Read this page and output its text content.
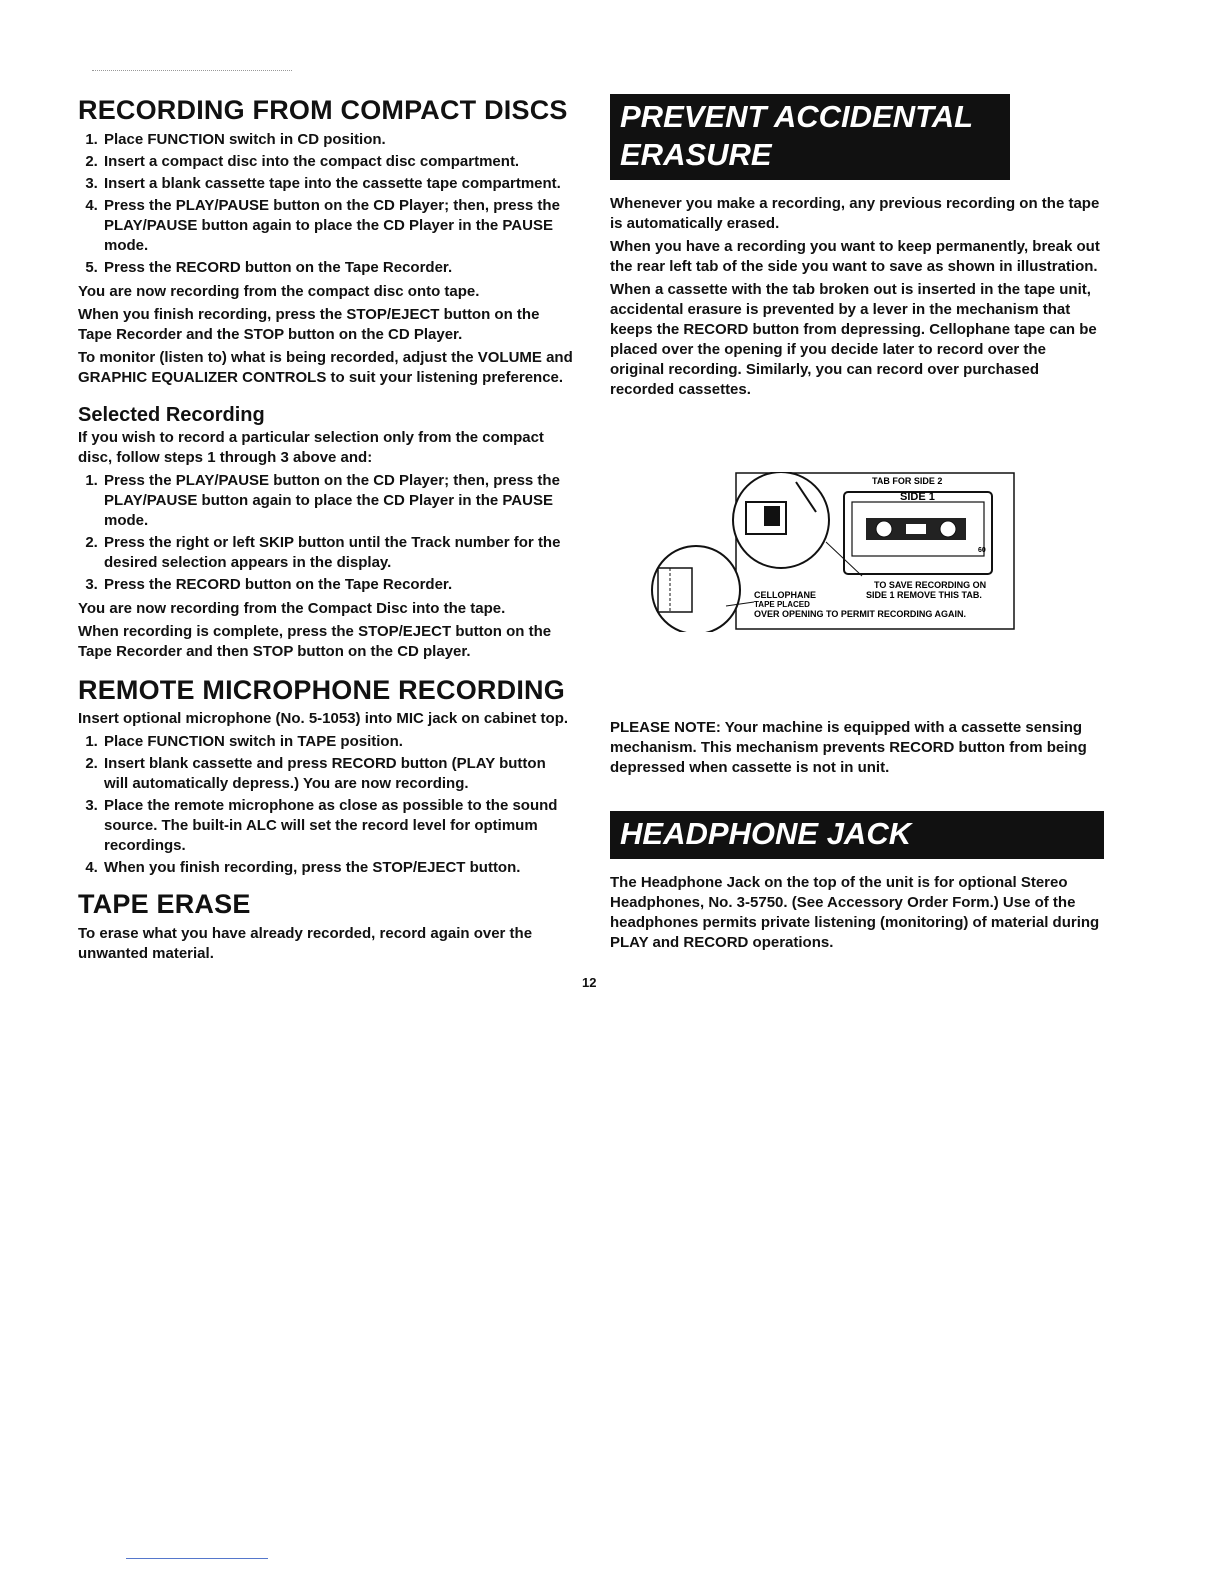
RECORDING FROM COMPACT DISCS
1. Place FUNCTION switch in CD position.
2. Insert a compact disc into the compact disc compartment.
3. Insert a blank cassette tape into the cassette tape compartment.
4. Press the PLAY/PAUSE button on the CD Player; then, press the PLAY/PAUSE button again to place the CD Player in the PAUSE mode.
5. Press the RECORD button on the Tape Recorder.

You are now recording from the compact disc onto tape.

When you finish recording, press the STOP/EJECT button on the Tape Recorder and the STOP button on the CD Player.

To monitor (listen to) what is being recorded, adjust the VOLUME and GRAPHIC EQUALIZER CONTROLS to suit your listening preference.

Selected Recording

If you wish to record a particular selection only from the compact disc, follow steps 1 through 3 above and:

1. Press the PLAY/PAUSE button on the CD Player; then, press the PLAY/PAUSE button again to place the CD Player in the PAUSE mode.
2. Press the right or left SKIP button until the Track number for the desired selection appears in the display.
3. Press the RECORD button on the Tape Recorder.

You are now recording from the Compact Disc into the tape.

When recording is complete, press the STOP/EJECT button on the Tape Recorder and then STOP button on the CD player.

REMOTE MICROPHONE RECORDING

Insert optional microphone (No. 5-1053) into MIC jack on cabinet top.

1. Place FUNCTION switch in TAPE position.
2. Insert blank cassette and press RECORD button (PLAY button will automatically depress.) You are now recording.
3. Place the remote microphone as close as possible to the sound source. The built-in ALC will set the record level for optimum recordings.
4. When you finish recording, press the STOP/EJECT button.
TAPE ERASE

To erase what you have already recorded, record again over the unwanted material.

12
PREVENT ACCIDENTAL
ERASURE

Whenever you make a recording, any previous recording on the tape is automatically erased.

When you have a recording you want to keep permanently, break out the rear left tab of the side you want to save as shown in illustration.

When a cassette with the tab broken out is inserted in the tape unit, accidental erasure is prevented by a lever in the mechanism that keeps the RECORD button from depressing. Cellophane tape can be placed over the opening if you decide later to record over the original recording. Similarly, you can record over purchased recorded cassettes.

TAB FOR SIDE 2
SIDE 1
60
TO SAVE RECORDING ON
SIDE 1 REMOVE THIS TAB.
CELLOPHANE
TAPE PLACED
OVER OPENING TO PERMIT RECORDING AGAIN.

PLEASE NOTE: Your machine is equipped with a cassette sensing mechanism. This mechanism prevents RECORD button from being depressed when cassette is not in unit.

HEADPHONE JACK

The Headphone Jack on the top of the unit is for optional Stereo Headphones, No. 3-5750. (See Accessory Order Form.) Use of the headphones permits private listening (monitoring) of material during PLAY and RECORD operations.
